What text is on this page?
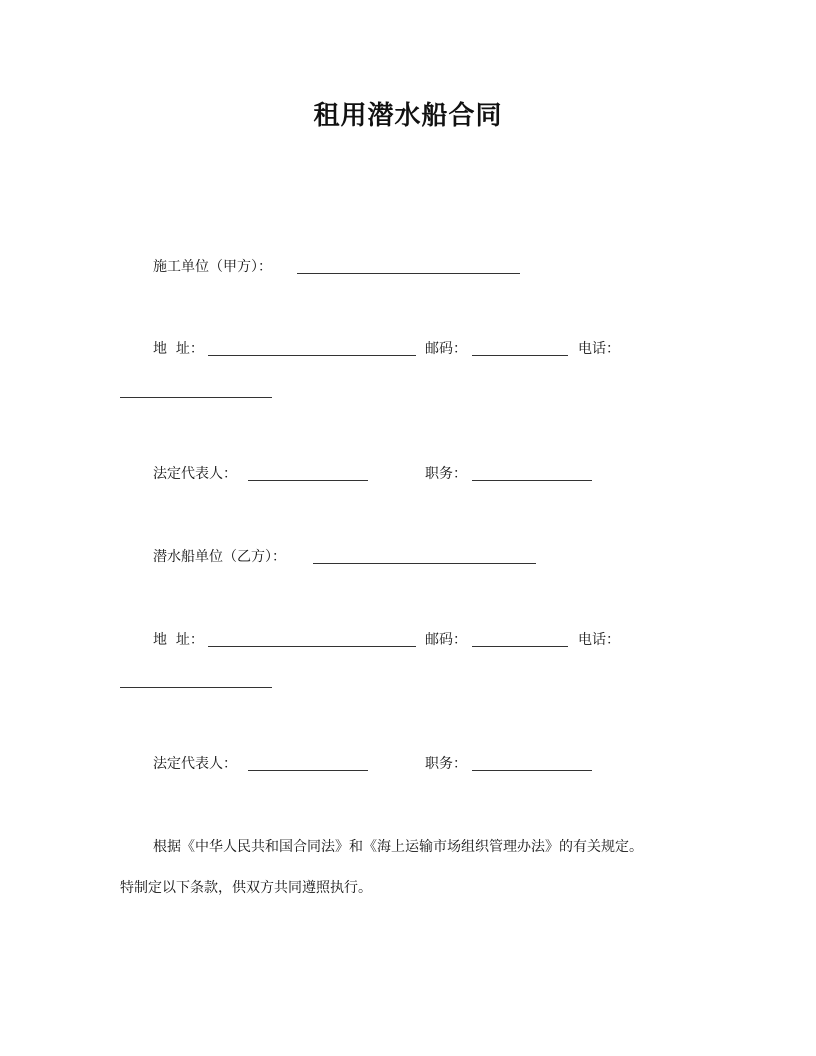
租用潜水船合同
施工单位（甲方）：
地  址：	邮码：	电话：
法定代表人：	职务：
潜水船单位（乙方）：
地  址：	邮码：	电话：
法定代表人：	职务：
根据《中华人民共和国合同法》和《海上运输市场组织管理办法》的有关规定。
特制定以下条款，供双方共同遵照执行。
